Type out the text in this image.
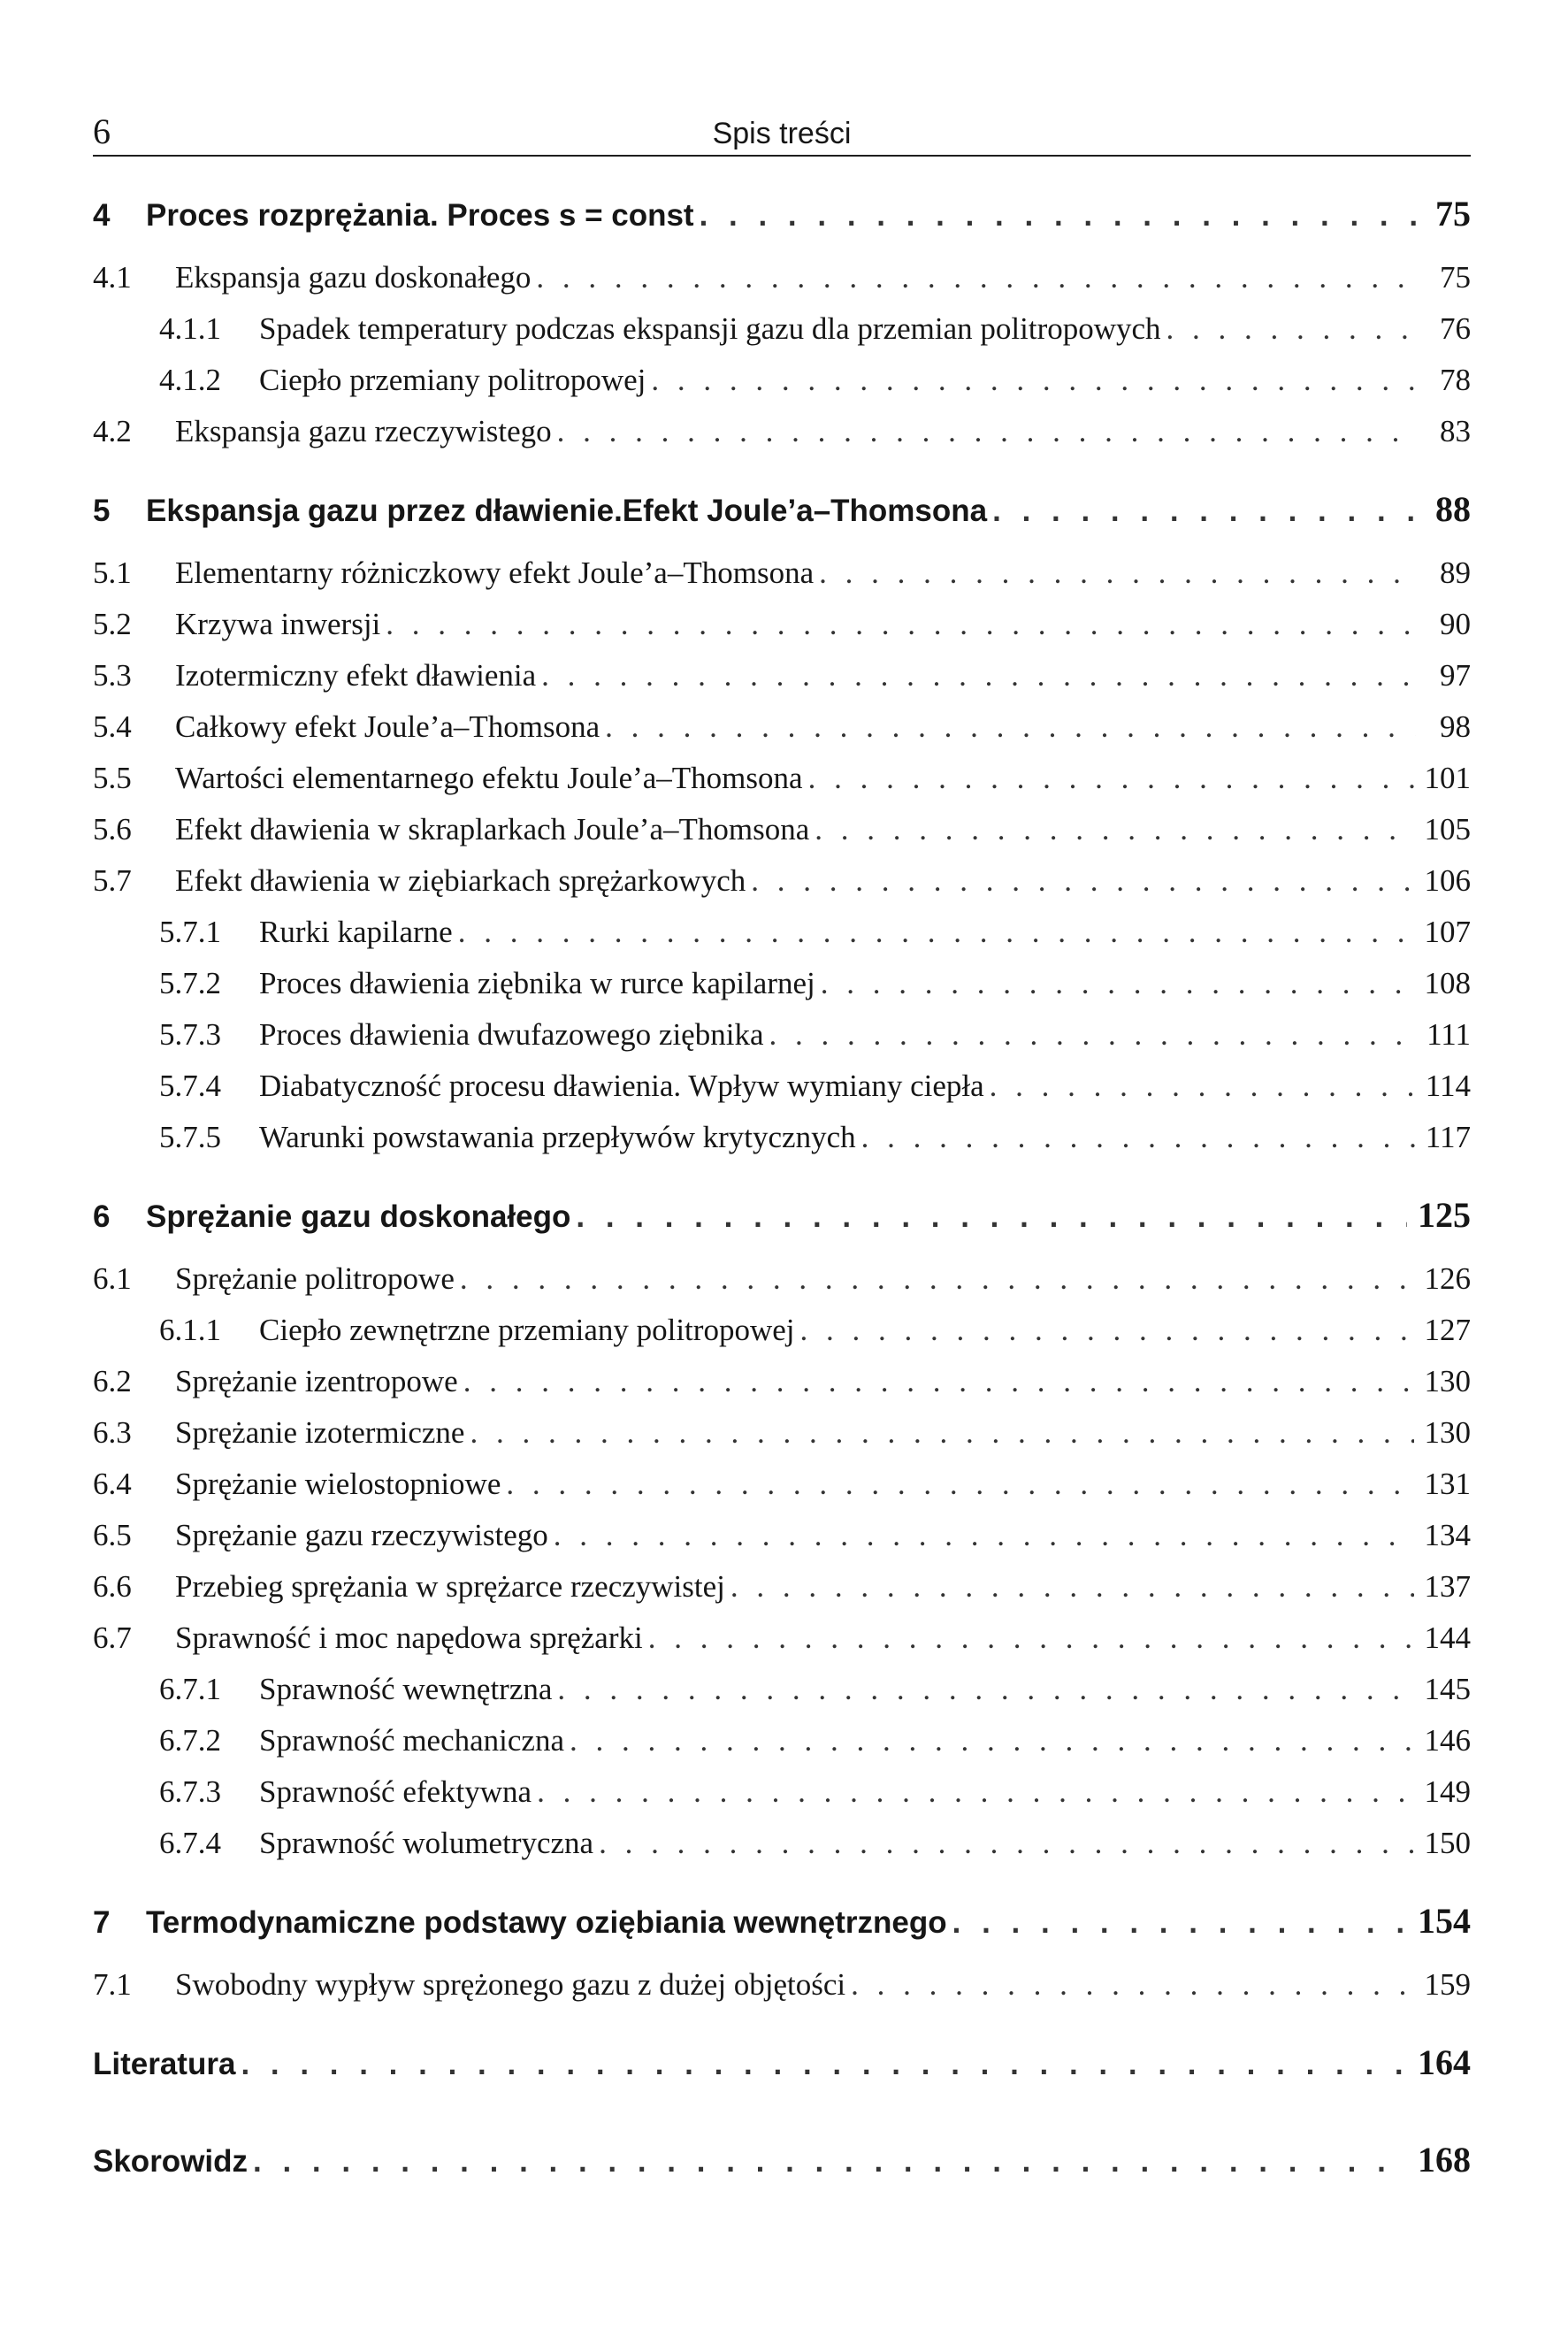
6	Spis treści
4	Proces rozprężania. Proces s = const . . .	75
4.1	Ekspansja gazu doskonałego . . .	75
4.1.1	Spadek temperatury podczas ekspansji gazu dla przemian politropowych . . .	76
4.1.2	Ciepło przemiany politropowej . . .	78
4.2	Ekspansja gazu rzeczywistego . . .	83
5	Ekspansja gazu przez dławienie.Efekt Joule’a–Thomsona . . .	88
5.1	Elementarny różniczkowy efekt Joule’a–Thomsona . . .	89
5.2	Krzywa inwersji . . .	90
5.3	Izotermiczny efekt dławienia . . .	97
5.4	Całkowy efekt Joule’a–Thomsona . . .	98
5.5	Wartości elementarnego efektu Joule’a–Thomsona . . .	101
5.6	Efekt dławienia w skraplarkach Joule’a–Thomsona . . .	105
5.7	Efekt dławienia w ziębiarkach sprężarkowych . . .	106
5.7.1	Rurki kapilarne . . .	107
5.7.2	Proces dławienia ziębnika w rurce kapilarnej . . .	108
5.7.3	Proces dławienia dwufazowego ziębnika . . .	111
5.7.4	Diabatyczność procesu dławienia. Wpływ wymiany ciepła . . .	114
5.7.5	Warunki powstawania przepływów krytycznych . . .	117
6	Sprężanie gazu doskonałego . . .	125
6.1	Sprężanie politropowe . . .	126
6.1.1	Ciepło zewnętrzne przemiany politropowej . . .	127
6.2	Sprężanie izentropowe . . .	130
6.3	Sprężanie izotermiczne . . .	130
6.4	Sprężanie wielostopniowe . . .	131
6.5	Sprężanie gazu rzeczywistego . . .	134
6.6	Przebieg sprężania w sprężarce rzeczywistej . . .	137
6.7	Sprawność i moc napędowa sprężarki . . .	144
6.7.1	Sprawność wewnętrzna . . .	145
6.7.2	Sprawność mechaniczna . . .	146
6.7.3	Sprawność efektywna . . .	149
6.7.4	Sprawność wolumetryczna . . .	150
7	Termodynamiczne podstawy oziębiania wewnętrznego . . .	154
7.1	Swobodny wypływ sprężonego gazu z dużej objętości . . .	159
Literatura . . .	164
Skorowidz . . .	168
